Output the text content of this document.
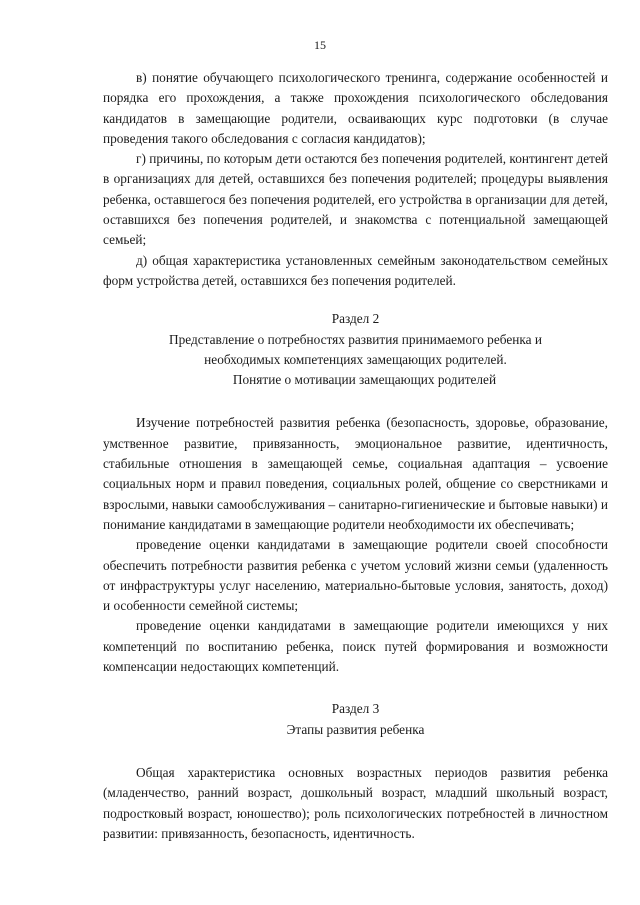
15

в) понятие обучающего психологического тренинга, содержание особенностей и порядка его прохождения, а также прохождения психологического обследования кандидатов в замещающие родители, осваивающих курс подготовки (в случае проведения такого обследования с согласия кандидатов);

г) причины, по которым дети остаются без попечения родителей, контингент детей в организациях для детей, оставшихся без попечения родителей; процедуры выявления ребенка, оставшегося без попечения родителей, его устройства в организации для детей, оставшихся без попечения родителей, и знакомства с потенциальной замещающей семьей;

д) общая характеристика установленных семейным законодательством семейных форм устройства детей, оставшихся без попечения родителей.

Раздел 2

Представление о потребностях развития принимаемого ребенка и

необходимых компетенциях замещающих родителей.

Понятие о мотивации замещающих родителей

Изучение потребностей развития ребенка (безопасность, здоровье, образование, умственное развитие, привязанность, эмоциональное развитие, идентичность, стабильные отношения в замещающей семье, социальная адаптация – усвоение социальных норм и правил поведения, социальных ролей, общение со сверстниками и взрослыми, навыки самообслуживания – санитарно-гигиенические и бытовые навыки) и понимание кандидатами в замещающие родители необходимости их обеспечивать;

проведение оценки кандидатами в замещающие родители своей способности обеспечить потребности развития ребенка с учетом условий жизни семьи (удаленность от инфраструктуры услуг населению, материально-бытовые условия, занятость, доход) и особенности семейной системы;

проведение оценки кандидатами в замещающие родители имеющихся у них компетенций по воспитанию ребенка, поиск путей формирования и возможности компенсации недостающих компетенций.

Раздел 3

Этапы развития ребенка

Общая характеристика основных возрастных периодов развития ребенка (младенчество, ранний возраст, дошкольный возраст, младший школьный возраст, подростковый возраст, юношество); роль психологических потребностей в личностном развитии: привязанность, безопасность, идентичность.
